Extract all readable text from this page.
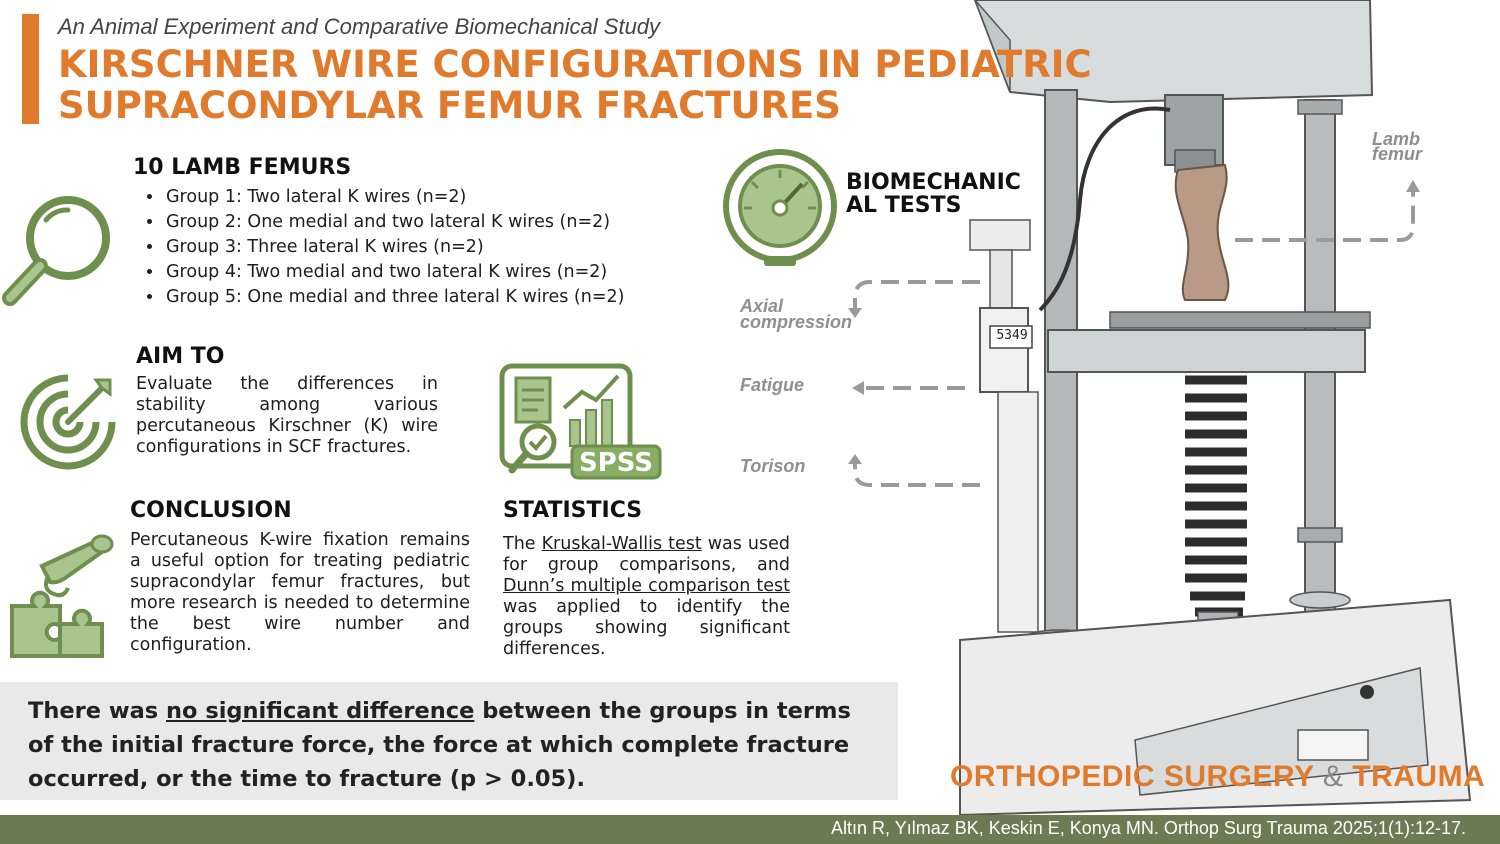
5349
An Animal Experiment and Comparative Biomechanical Study
KIRSCHNER WIRE CONFIGURATIONS IN PEDIATRIC SUPRACONDYLAR FEMUR FRACTURES
10 LAMB FEMURS
• Group 1: Two lateral K wires (n=2)
• Group 2: One medial and two lateral K wires (n=2)
• Group 3: Three lateral K wires (n=2)
• Group 4: Two medial and two lateral K wires (n=2)
• Group 5: One medial and three lateral K wires (n=2)
AIM TO
Evaluate the differences in stability among various percutaneous Kirschner (K) wire configurations in SCF fractures.
SPSS
BIOMECHANIC
AL TESTS
Axial compression
Fatigue
Torison
Lamb
femur
CONCLUSION
Percutaneous K-wire fixation remains a useful option for treating pediatric supracondylar femur fractures, but more research is needed to determine the best wire number and configuration.
STATISTICS
The Kruskal-Wallis test was used for group comparisons, and Dunn’s multiple comparison test was applied to identify the groups showing significant differences.
There was no significant difference between the groups in terms of the initial fracture force, the force at which complete fracture occurred, or the time to fracture (p > 0.05).	ORTHOPEDIC SURGERY & TRAUMA
Altın R, Yılmaz BK, Keskin E, Konya MN. Orthop Surg Trauma 2025;1(1):12-17.
